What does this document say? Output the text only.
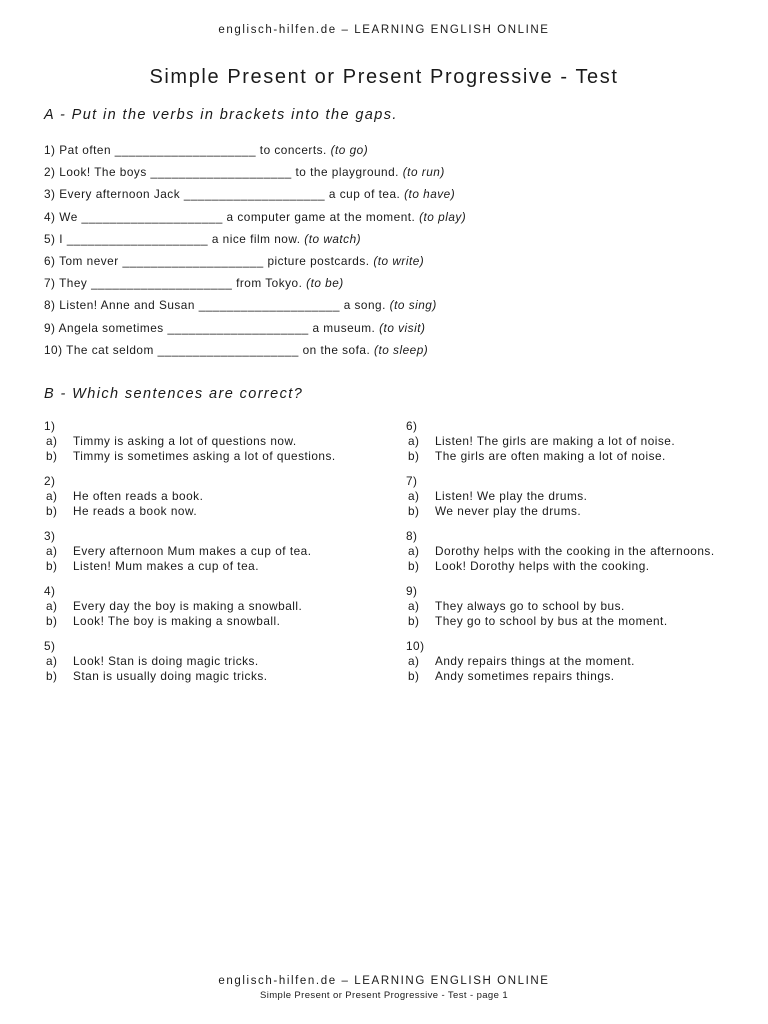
englisch-hilfen.de – LEARNING ENGLISH ONLINE
Simple Present or Present Progressive - Test
A - Put in the verbs in brackets into the gaps.
1) Pat often ____________________ to concerts. (to go)
2) Look! The boys ____________________ to the playground. (to run)
3) Every afternoon Jack ____________________ a cup of tea. (to have)
4) We ____________________ a computer game at the moment. (to play)
5) I ____________________ a nice film now. (to watch)
6) Tom never ____________________ picture postcards. (to write)
7) They ____________________ from Tokyo. (to be)
8) Listen! Anne and Susan ____________________ a song. (to sing)
9) Angela sometimes ____________________ a museum. (to visit)
10) The cat seldom ____________________ on the sofa. (to sleep)
B - Which sentences are correct?
1)
a)	Timmy is asking a lot of questions now.
b)	Timmy is sometimes asking a lot of questions.
2)
a)	He often reads a book.
b)	He reads a book now.
3)
a)	Every afternoon Mum makes a cup of tea.
b)	Listen! Mum makes a cup of tea.
4)
a)	Every day the boy is making a snowball.
b)	Look! The boy is making a snowball.
5)
a)	Look! Stan is doing magic tricks.
b)	Stan is usually doing magic tricks.
6)
a)	Listen! The girls are making a lot of noise.
b)	The girls are often making a lot of noise.
7)
a)	Listen! We play the drums.
b)	We never play the drums.
8)
a)	Dorothy helps with the cooking in the afternoons.
b)	Look! Dorothy helps with the cooking.
9)
a)	They always go to school by bus.
b)	They go to school by bus at the moment.
10)
a)	Andy repairs things at the moment.
b)	Andy sometimes repairs things.
englisch-hilfen.de – LEARNING ENGLISH ONLINE
Simple Present or Present Progressive - Test - page 1
